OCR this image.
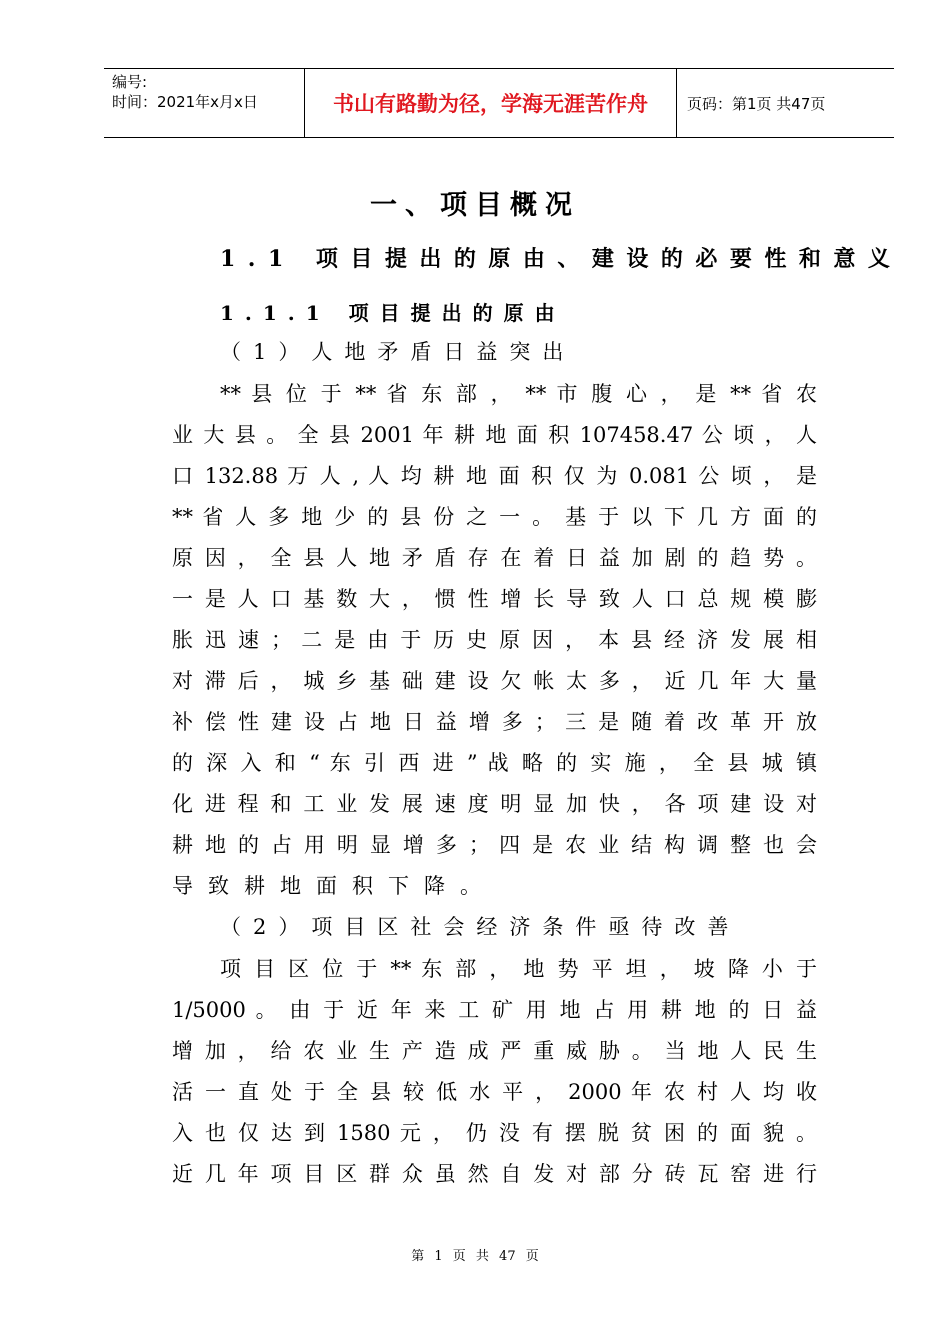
编号:
时间：2021年x月x日	书山有路勤为径，学海无涯苦作舟	页码：第1页 共47页
一、项目概况
1.1 项目提出的原由、建设的必要性和意义
1.1.1 项目提出的原由
（1）人地矛盾日益突出
** 县 位 于 ** 省 东 部 ， ** 市 腹 心 ， 是 ** 省 农
业 大 县 。 全 县 2001 年 耕 地 面 积 107458.47 公 顷 ， 人
口 132.88 万 人 , 人 均 耕 地 面 积 仅 为 0.081 公 顷 ， 是
** 省 人 多 地 少 的 县 份 之 一 。 基 于 以 下 几 方 面 的
原 因 ， 全 县 人 地 矛 盾 存 在 着 日 益 加 剧 的 趋 势 。
一 是 人 口 基 数 大 ， 惯 性 增 长 导 致 人 口 总 规 模 膨
胀 迅 速 ； 二 是 由 于 历 史 原 因 ， 本 县 经 济 发 展 相
对 滞 后 ， 城 乡 基 础 建 设 欠 帐 太 多 ， 近 几 年 大 量
补 偿 性 建 设 占 地 日 益 增 多 ； 三 是 随 着 改 革 开 放
的 深 入 和 “ 东 引 西 进 ” 战 略 的 实 施 ， 全 县 城 镇
化 进 程 和 工 业 发 展 速 度 明 显 加 快 ， 各 项 建 设 对
耕 地 的 占 用 明 显 增 多 ； 四 是 农 业 结 构 调 整 也 会
导致耕地面积下降。
（2）项目区社会经济条件亟待改善
项 目 区 位 于 ** 东 部 ， 地 势 平 坦 ， 坡 降 小 于
1/5000 。 由 于 近 年 来 工 矿 用 地 占 用 耕 地 的 日 益
增 加 ， 给 农 业 生 产 造 成 严 重 威 胁 。 当 地 人 民 生
活 一 直 处 于 全 县 较 低 水 平 ， 2000 年 农 村 人 均 收
入 也 仅 达 到 1580 元 ， 仍 没 有 摆 脱 贫 困 的 面 貌 。
近 几 年 项 目 区 群 众 虽 然 自 发 对 部 分 砖 瓦 窑 进 行
第 1 页 共 47 页
